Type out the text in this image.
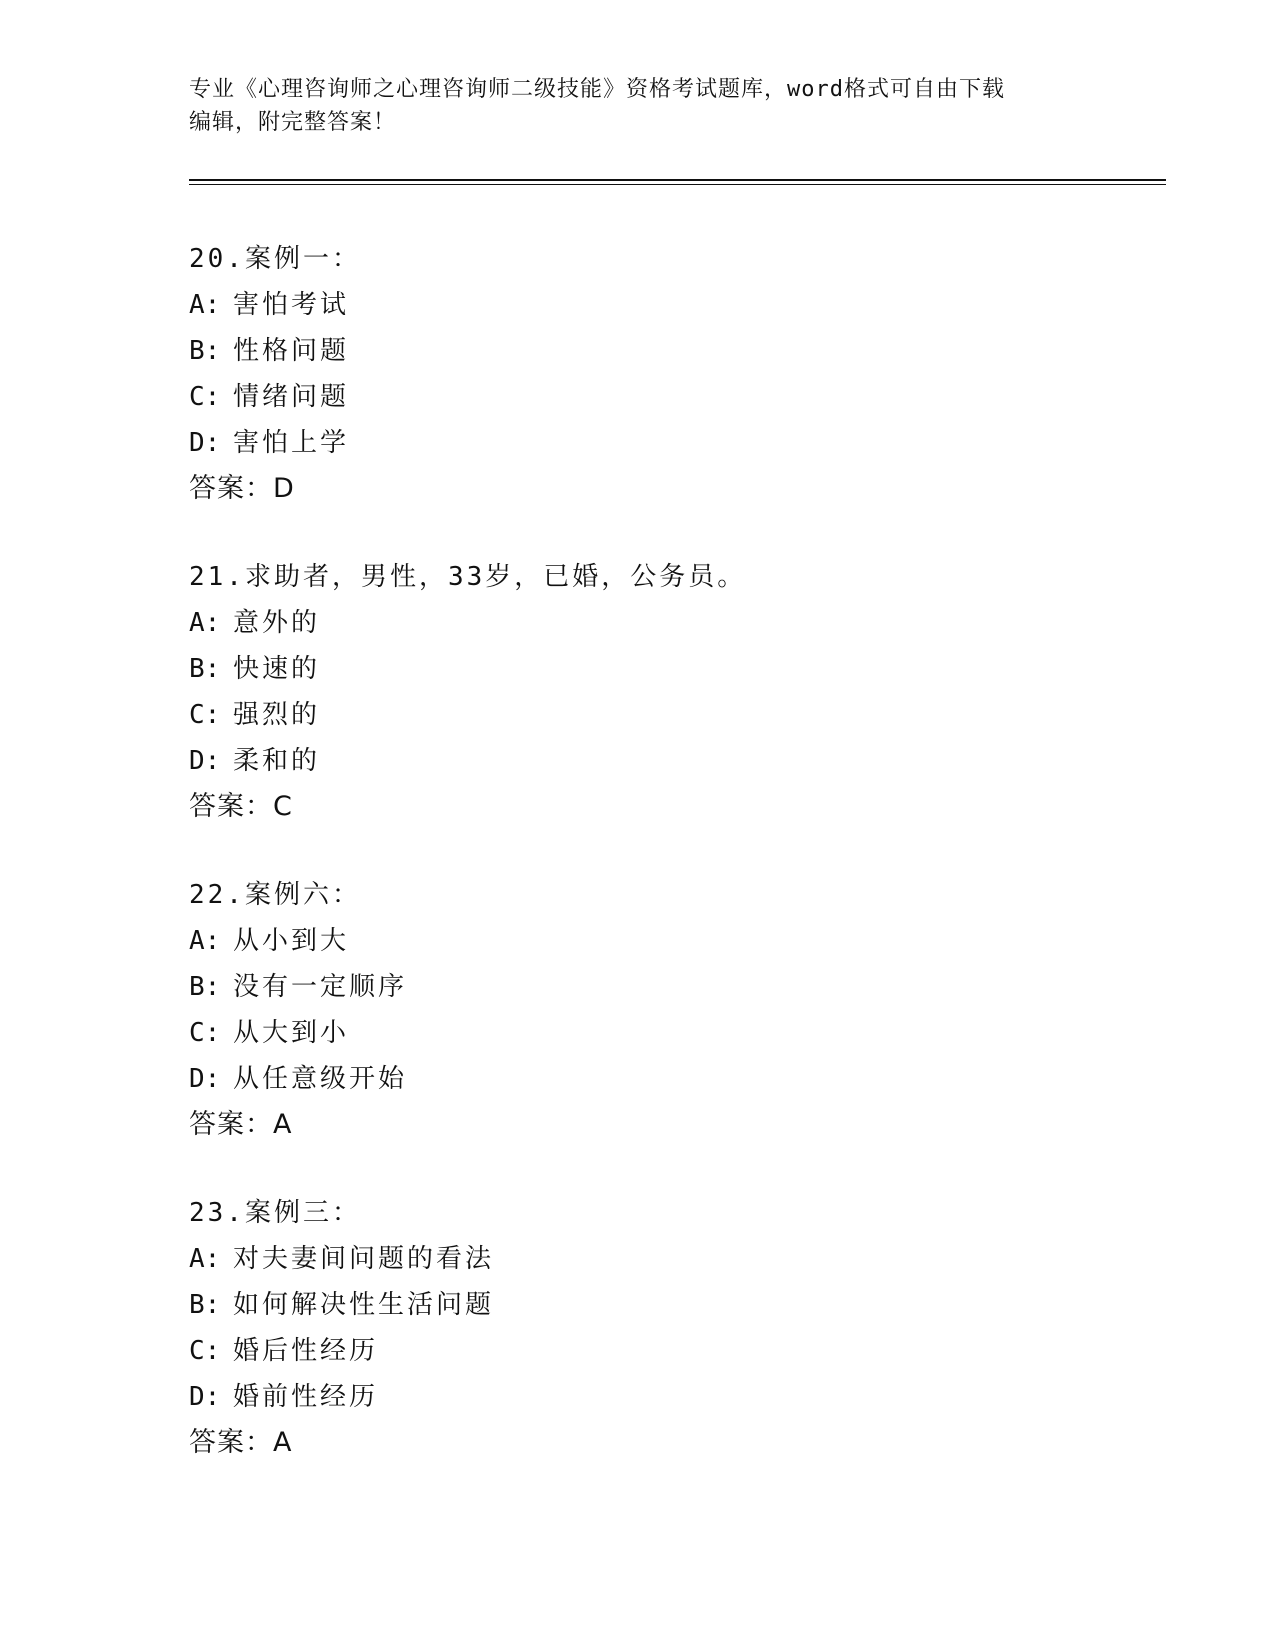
专业《心理咨询师之心理咨询师二级技能》资格考试题库，word格式可自由下载
编辑，附完整答案！
20.案例一：
A: 害怕考试
B: 性格问题
C: 情绪问题
D: 害怕上学
答案：D
21.求助者，男性，33岁，已婚，公务员。
A: 意外的
B: 快速的
C: 强烈的
D: 柔和的
答案：C
22.案例六：
A: 从小到大
B: 没有一定顺序
C: 从大到小
D: 从任意级开始
答案：A
23.案例三：
A: 对夫妻间问题的看法
B: 如何解决性生活问题
C: 婚后性经历
D: 婚前性经历
答案：A
